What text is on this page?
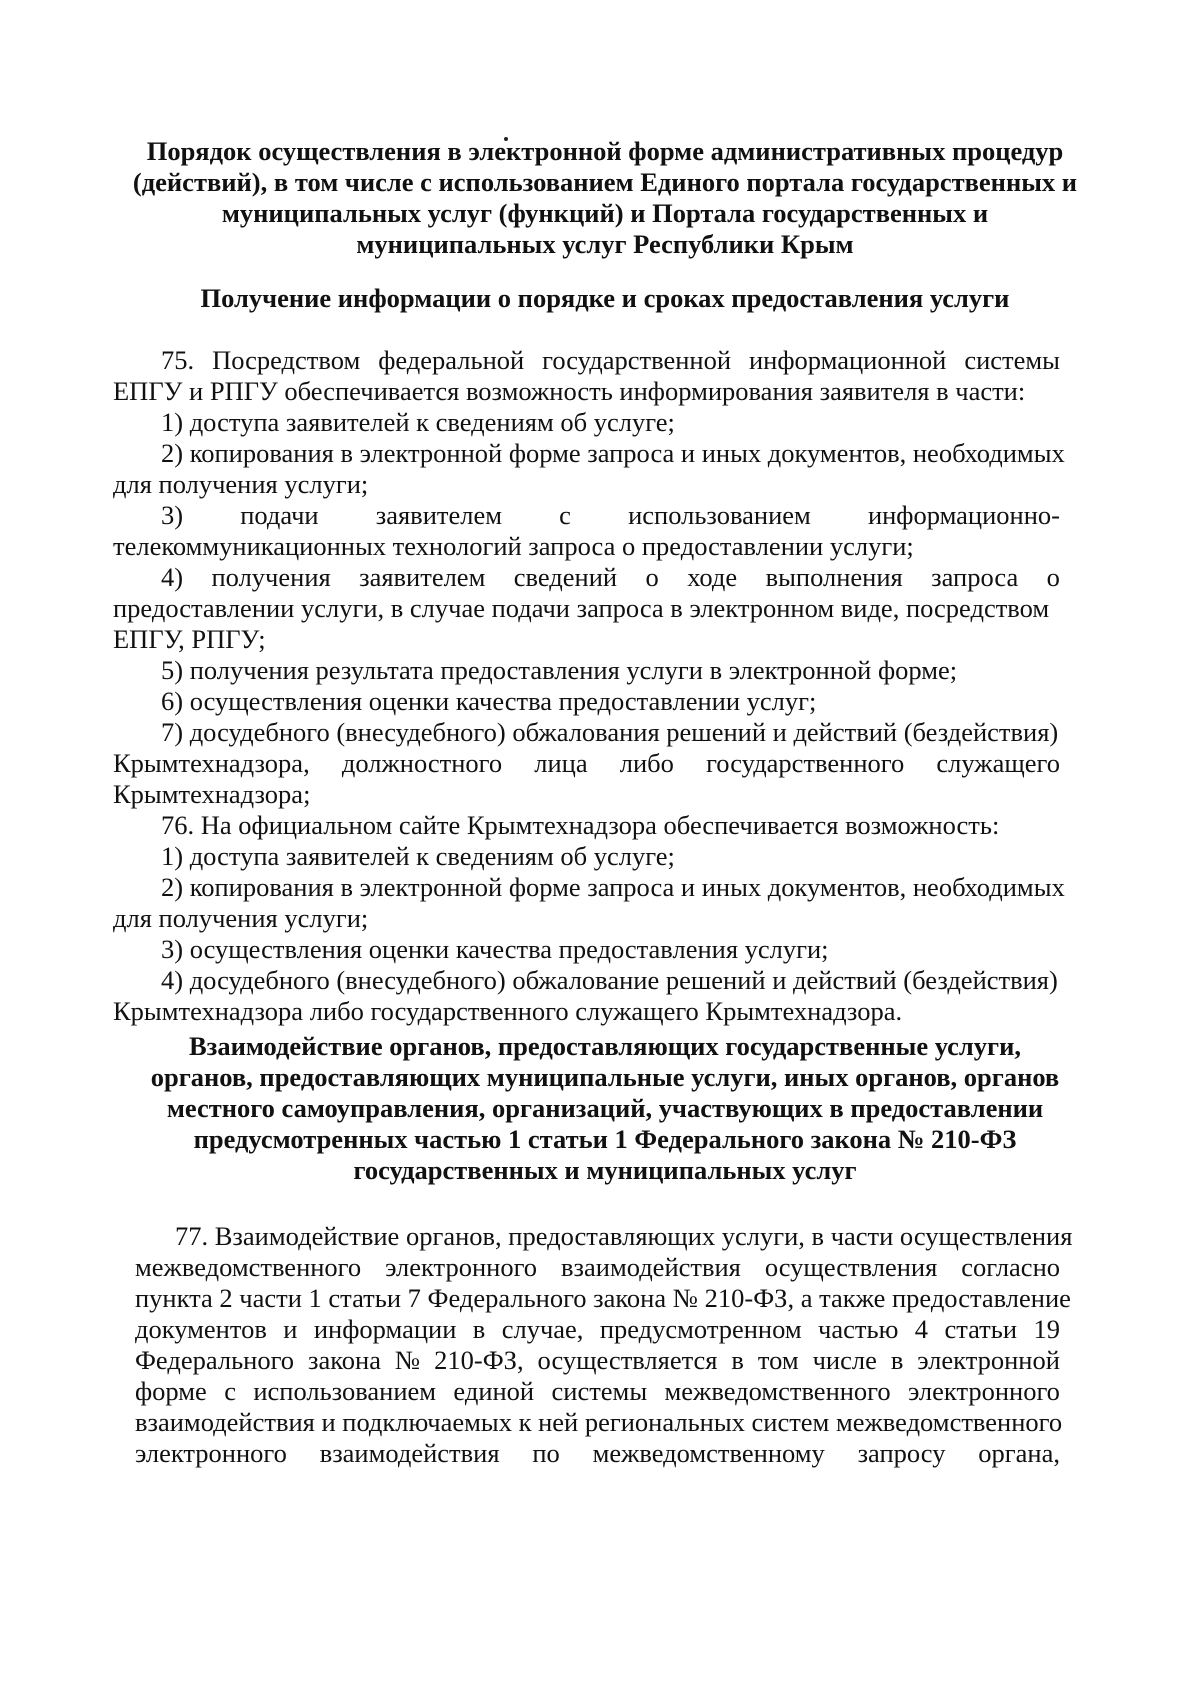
Порядок осуществления в электронной форме административных процедур
(действий), в том числе с использованием Единого портала государственных и
муниципальных услуг (функций) и Портала государственных и
муниципальных услуг Республики Крым
Получение информации о порядке и сроках предоставления услуги
75. Посредством федеральной государственной информационной системы
ЕПГУ и РПГУ обеспечивается возможность информирования заявителя в части:
1) доступа заявителей к сведениям об услуге;
2) копирования в электронной форме запроса и иных документов, необходимых
для получения услуги;
3) подачи заявителем с использованием информационно-
телекоммуникационных технологий запроса о предоставлении услуги;
4) получения заявителем сведений о ходе выполнения запроса о
предоставлении услуги, в случае подачи запроса в электронном виде, посредством
ЕПГУ, РПГУ;
5) получения результата предоставления услуги в электронной форме;
6) осуществления оценки качества предоставлении услуг;
7) досудебного (внесудебного) обжалования решений и действий (бездействия)
Крымтехнадзора, должностного лица либо государственного служащего
Крымтехнадзора;
76. На официальном сайте Крымтехнадзора обеспечивается возможность:
1) доступа заявителей к сведениям об услуге;
2) копирования в электронной форме запроса и иных документов, необходимых
для получения услуги;
3) осуществления оценки качества предоставления услуги;
4) досудебного (внесудебного) обжалование решений и действий (бездействия)
Крымтехнадзора либо государственного служащего Крымтехнадзора.
Взаимодействие органов, предоставляющих государственные услуги,
органов, предоставляющих муниципальные услуги, иных органов, органов
местного самоуправления, организаций, участвующих в предоставлении
предусмотренных частью 1 статьи 1 Федерального закона № 210-ФЗ
государственных и муниципальных услуг
77. Взаимодействие органов, предоставляющих услуги, в части осуществления
межведомственного электронного взаимодействия осуществления согласно
пункта 2 части 1 статьи 7 Федерального закона № 210-ФЗ, а также предоставление
документов и информации в случае, предусмотренном частью 4 статьи 19
Федерального закона № 210-ФЗ, осуществляется в том числе в электронной
форме с использованием единой системы межведомственного электронного
взаимодействия и подключаемых к ней региональных систем межведомственного
электронного взаимодействия по межведомственному запросу органа,
